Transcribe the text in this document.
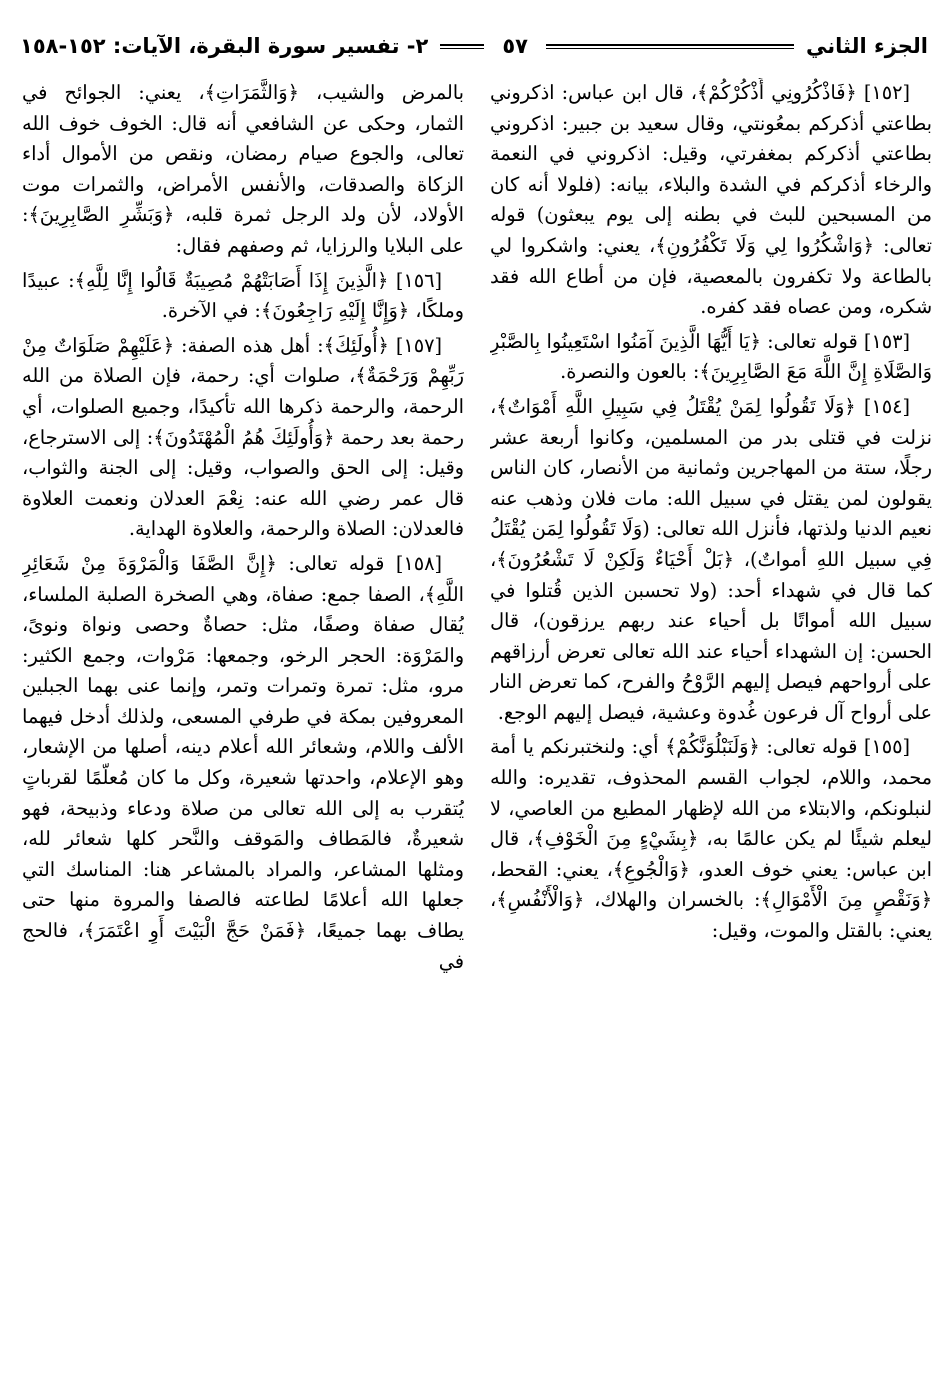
الجزء الثاني
٥٧
٢- تفسير سورة البقرة، الآيات: ١٥٢-١٥٨

[١٥٢] ﴿فَاذْكُرُونِي أَذْكُرْكُمْ﴾، قال ابن عباس: اذكروني بطاعتي أذكركم بمعُونتي، وقال سعيد بن جبير: اذكروني بطاعتي أذكركم بمغفرتي، وقيل: اذكروني في النعمة والرخاء أذكركم في الشدة والبلاء، بيانه: (فلولا أنه كان من المسبحين للبث في بطنه إلى يوم يبعثون) قوله تعالى: ﴿وَاشْكُرُوا لِي وَلَا تَكْفُرُونِ﴾، يعني: واشكروا لي بالطاعة ولا تكفرون بالمعصية، فإن من أطاع الله فقد شكره، ومن عصاه فقد كفره.

[١٥٣] قوله تعالى: ﴿يَا أَيُّهَا الَّذِينَ آمَنُوا اسْتَعِينُوا بِالصَّبْرِ وَالصَّلَاةِ إِنَّ اللَّهَ مَعَ الصَّابِرِينَ﴾: بالعون والنصرة.

[١٥٤] ﴿وَلَا تَقُولُوا لِمَنْ يُقْتَلُ فِي سَبِيلِ اللَّهِ أَمْوَاتٌ﴾، نزلت في قتلى بدر من المسلمين، وكانوا أربعة عشر رجلًا، ستة من المهاجرين وثمانية من الأنصار، كان الناس يقولون لمن يقتل في سبيل الله: مات فلان وذهب عنه نعيم الدنيا ولذتها، فأنزل الله تعالى: (وَلَا تَقُولُوا لِمَن يُقْتَلُ فِي سبيل اللهِ أمواتٌ)، ﴿بَلْ أَحْيَاءٌ وَلَكِنْ لَا تَشْعُرُونَ﴾، كما قال في شهداء أحد: (ولا تحسبن الذين قُتلوا في سبيل الله أمواتًا بل أحياء عند ربهم يرزقون)، قال الحسن: إن الشهداء أحياء عند الله تعالى تعرض أرزاقهم على أرواحهم فيصل إليهم الرَّوْحُ والفرح، كما تعرض النار على أرواح آل فرعون غُدوة وعشية، فيصل إليهم الوجع.

[١٥٥] قوله تعالى: ﴿وَلَنَبْلُوَنَّكُمْ﴾ أي: ولنختبرنكم يا أمة محمد، واللام، لجواب القسم المحذوف، تقديره: والله لنبلونكم، والابتلاء من الله لإظهار المطيع من العاصي، لا ليعلم شيئًا لم يكن عالمًا به، ﴿بِشَيْءٍ مِنَ الْخَوْفِ﴾، قال ابن عباس: يعني خوف العدو، ﴿وَالْجُوعِ﴾، يعني: القحط، ﴿وَنَقْصٍ مِنَ الْأَمْوَالِ﴾: بالخسران والهلاك، ﴿وَالْأَنْفُسِ﴾، يعني: بالقتل والموت، وقيل:

بالمرض والشيب، ﴿وَالثَّمَرَاتِ﴾، يعني: الجوائح في الثمار، وحكى عن الشافعي أنه قال: الخوف خوف الله تعالى، والجوع صيام رمضان، ونقص من الأموال أداء الزكاة والصدقات، والأنفس الأمراض، والثمرات موت الأولاد، لأن ولد الرجل ثمرة قلبه، ﴿وَبَشِّرِ الصَّابِرِينَ﴾: على البلايا والرزايا، ثم وصفهم فقال:

[١٥٦] ﴿الَّذِينَ إِذَا أَصَابَتْهُمْ مُصِيبَةٌ قَالُوا إِنَّا لِلَّهِ﴾: عبيدًا وملكًا، ﴿وَإِنَّا إِلَيْهِ رَاجِعُونَ﴾: في الآخرة.

[١٥٧] ﴿أُولَئِكَ﴾: أهل هذه الصفة: ﴿عَلَيْهِمْ صَلَوَاتٌ مِنْ رَبِّهِمْ وَرَحْمَةٌ﴾، صلوات أي: رحمة، فإن الصلاة من الله الرحمة، والرحمة ذكرها الله تأكيدًا، وجميع الصلوات، أي رحمة بعد رحمة ﴿وَأُولَئِكَ هُمُ الْمُهْتَدُونَ﴾: إلى الاسترجاع، وقيل: إلى الحق والصواب، وقيل: إلى الجنة والثواب، قال عمر رضي الله عنه: نِعْمَ العدلان ونعمت العلاوة فالعدلان: الصلاة والرحمة، والعلاوة الهداية.

[١٥٨] قوله تعالى: ﴿إِنَّ الصَّفَا وَالْمَرْوَةَ مِنْ شَعَائِرِ اللَّهِ﴾، الصفا جمع: صفاة، وهي الصخرة الصلبة الملساء، يُقال صفاة وصفًا، مثل: حصاةٌ وحصى ونواة ونوىً، والمَرْوَة: الحجر الرخو، وجمعها: مَرْوات، وجمع الكثير: مرو، مثل: تمرة وتمرات وتمر، وإنما عنى بهما الجبلين المعروفين بمكة في طرفي المسعى، ولذلك أدخل فيهما الألف واللام، وشعائر الله أعلام دينه، أصلها من الإشعار، وهو الإعلام، واحدتها شعيرة، وكل ما كان مُعلّمًا لقرباتٍ يُتقرب به إلى الله تعالى من صلاة ودعاء وذبيحة، فهو شعيرةٌ، فالمَطاف والمَوقف والنَّحر كلها شعائر لله، ومثلها المشاعر، والمراد بالمشاعر هنا: المناسك التي جعلها الله أعلامًا لطاعته فالصفا والمروة منها حتى يطاف بهما جميعًا، ﴿فَمَنْ حَجَّ الْبَيْتَ أَوِ اعْتَمَرَ﴾، فالحج في
